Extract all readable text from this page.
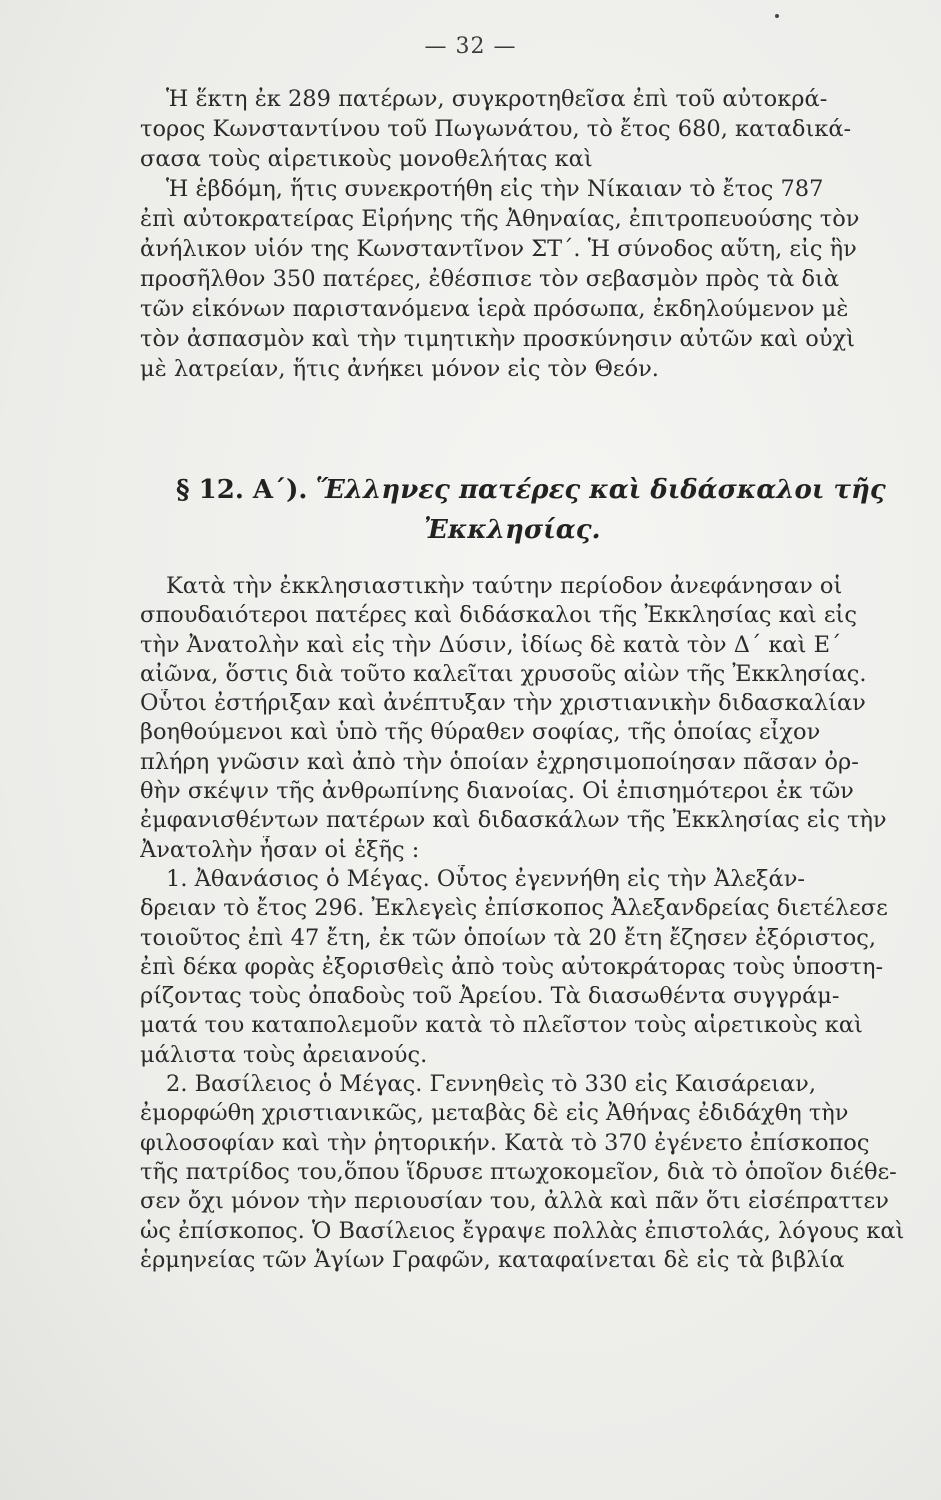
— 32 —
Ἡ ἕκτη ἐκ 289 πατέρων, συγκροτηθεῖσα ἐπὶ τοῦ αὐτοκρά-
τορος Κωνσταντίνου τοῦ Πωγωνάτου, τὸ ἔτος 680, καταδικά-
σασα τοὺς αἱρετικοὺς μονοθελήτας καὶ
Ἡ ἑβδόμη, ἥτις συνεκροτήθη εἰς τὴν Νίκαιαν τὸ ἔτος 787
ἐπὶ αὐτοκρατείρας Εἰρήνης τῆς Ἀθηναίας, ἐπιτροπευούσης τὸν
ἀνήλικον υἱόν της Κωνσταντῖνον ΣΤ΄. Ἡ σύνοδος αὕτη, εἰς ἣν
προσῆλθον 350 πατέρες, ἐθέσπισε τὸν σεβασμὸν πρὸς τὰ διὰ
τῶν εἰκόνων παριστανόμενα ἱερὰ πρόσωπα, ἐκδηλούμενον μὲ
τὸν ἀσπασμὸν καὶ τὴν τιμητικὴν προσκύνησιν αὐτῶν καὶ οὐχὶ
μὲ λατρείαν, ἥτις ἀνήκει μόνον εἰς τὸν Θεόν.
§ 12. Α΄). Ἕλληνες πατέρες καὶ διδάσκαλοι τῆς
Ἐκκλησίας.
Κατὰ τὴν ἐκκλησιαστικὴν ταύτην περίοδον ἀνεφάνησαν οἱ
σπουδαιότεροι πατέρες καὶ διδάσκαλοι τῆς Ἐκκλησίας καὶ εἰς
τὴν Ἀνατολὴν καὶ εἰς τὴν Δύσιν, ἰδίως δὲ κατὰ τὸν Δ΄ καὶ Ε΄
αἰῶνα, ὅστις διὰ τοῦτο καλεῖται χρυσοῦς αἰὼν τῆς Ἐκκλησίας.
Οὗτοι ἐστήριξαν καὶ ἀνέπτυξαν τὴν χριστιανικὴν διδασκαλίαν
βοηθούμενοι καὶ ὑπὸ τῆς θύραθεν σοφίας, τῆς ὁποίας εἶχον
πλήρη γνῶσιν καὶ ἀπὸ τὴν ὁποίαν ἐχρησιμοποίησαν πᾶσαν ὀρ-
θὴν σκέψιν τῆς ἀνθρωπίνης διανοίας. Οἱ ἐπισημότεροι ἐκ τῶν
ἐμφανισθέντων πατέρων καὶ διδασκάλων τῆς Ἐκκλησίας εἰς τὴν
Ἀνατολὴν ἦσαν οἱ ἑξῆς :
1. Ἀθανάσιος ὁ Μέγας. Οὗτος ἐγεννήθη εἰς τὴν Ἀλεξάν-
δρειαν τὸ ἔτος 296. Ἐκλεγεὶς ἐπίσκοπος Ἀλεξανδρείας διετέλεσε
τοιοῦτος ἐπὶ 47 ἔτη, ἐκ τῶν ὁποίων τὰ 20 ἔτη ἔζησεν ἐξόριστος,
ἐπὶ δέκα φορὰς ἐξορισθεὶς ἀπὸ τοὺς αὐτοκράτορας τοὺς ὑποστη-
ρίζοντας τοὺς ὀπαδοὺς τοῦ Ἀρείου. Τὰ διασωθέντα συγγράμ-
ματά του καταπολεμοῦν κατὰ τὸ πλεῖστον τοὺς αἱρετικοὺς καὶ
μάλιστα τοὺς ἀρειανούς.
2. Βασίλειος ὁ Μέγας. Γεννηθεὶς τὸ 330 εἰς Καισάρειαν,
ἐμορφώθη χριστιανικῶς, μεταβὰς δὲ εἰς Ἀθήνας ἐδιδάχθη τὴν
φιλοσοφίαν καὶ τὴν ῥητορικήν. Κατὰ τὸ 370 ἐγένετο ἐπίσκοπος
τῆς πατρίδος του,ὅπου ἵδρυσε πτωχοκομεῖον, διὰ τὸ ὁποῖον διέθε-
σεν ὄχι μόνον τὴν περιουσίαν του, ἀλλὰ καὶ πᾶν ὅτι εἰσέπραττεν
ὡς ἐπίσκοπος. Ὁ Βασίλειος ἔγραψε πολλὰς ἐπιστολάς, λόγους καὶ
ἑρμηνείας τῶν Ἁγίων Γραφῶν, καταφαίνεται δὲ εἰς τὰ βιβλία
